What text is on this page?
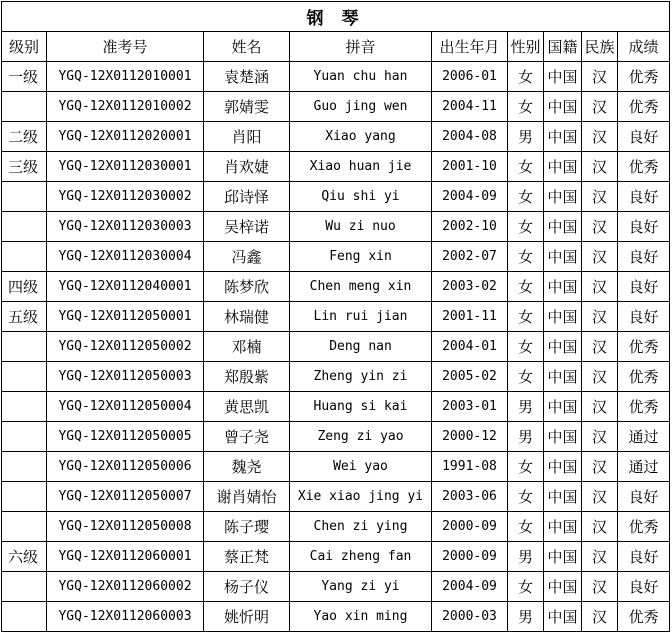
钢 琴								
级别	准考号	姓名	拼音	出生年月	性别	国籍	民族	成绩
一级	YGQ-12X0112010001	袁楚涵	Yuan chu han	2006-01	女	中国	汉	优秀
	YGQ-12X0112010002	郭婧雯	Guo jing wen	2004-11	女	中国	汉	优秀
二级	YGQ-12X0112020001	肖阳	Xiao yang	2004-08	男	中国	汉	良好
三级	YGQ-12X0112030001	肖欢婕	Xiao huan jie	2001-10	女	中国	汉	优秀
	YGQ-12X0112030002	邱诗怿	Qiu shi yi	2004-09	女	中国	汉	良好
	YGQ-12X0112030003	吴梓诺	Wu zi nuo	2002-10	女	中国	汉	良好
	YGQ-12X0112030004	冯鑫	Feng xin	2002-07	女	中国	汉	良好
四级	YGQ-12X0112040001	陈梦欣	Chen meng xin	2003-02	女	中国	汉	良好
五级	YGQ-12X0112050001	林瑞健	Lin rui jian	2001-11	女	中国	汉	良好
	YGQ-12X0112050002	邓楠	Deng nan	2004-01	女	中国	汉	优秀
	YGQ-12X0112050003	郑殷紫	Zheng yin zi	2005-02	女	中国	汉	优秀
	YGQ-12X0112050004	黄思凯	Huang si kai	2003-01	男	中国	汉	优秀
	YGQ-12X0112050005	曾子尧	Zeng zi yao	2000-12	男	中国	汉	通过
	YGQ-12X0112050006	魏尧	Wei yao	1991-08	女	中国	汉	通过
	YGQ-12X0112050007	谢肖婧怡	Xie xiao jing yi	2003-06	女	中国	汉	良好
	YGQ-12X0112050008	陈子璎	Chen zi ying	2000-09	女	中国	汉	优秀
六级	YGQ-12X0112060001	蔡正梵	Cai zheng fan	2000-09	男	中国	汉	良好
	YGQ-12X0112060002	杨子仪	Yang zi yi	2004-09	女	中国	汉	良好
	YGQ-12X0112060003	姚忻明	Yao xin ming	2000-03	男	中国	汉	优秀
